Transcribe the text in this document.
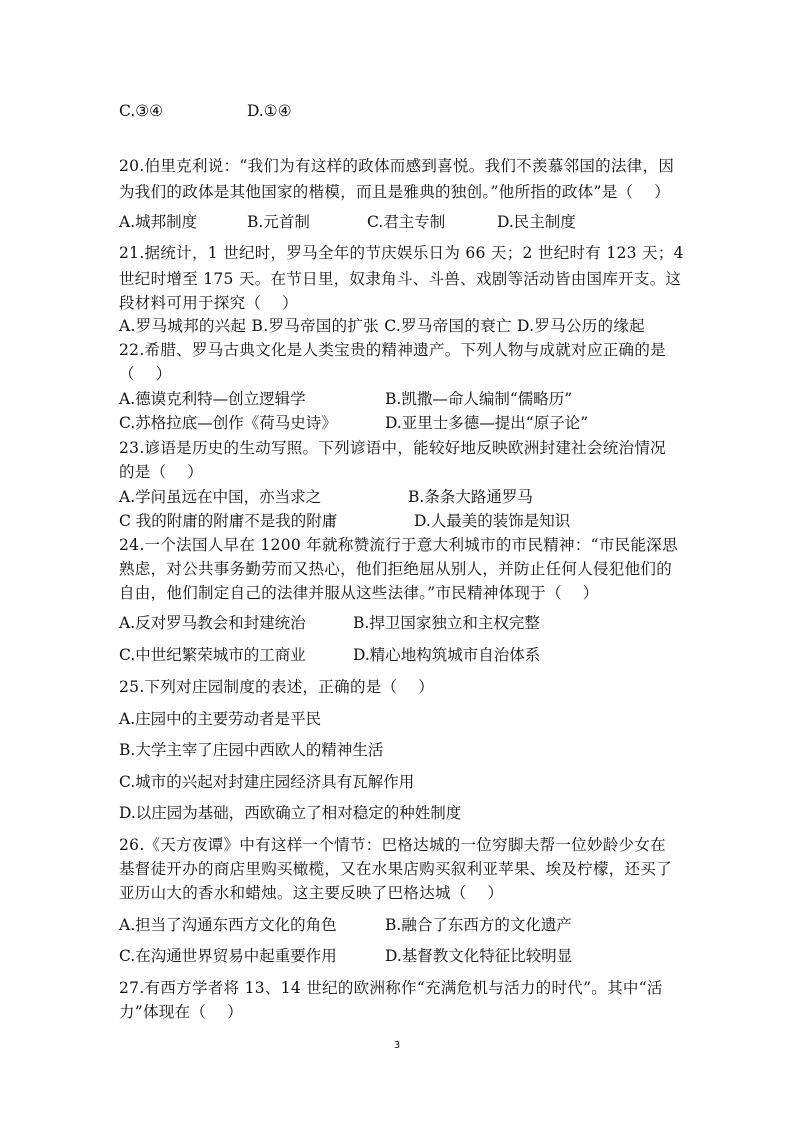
C.③④	D.①④
20.伯里克利说：“我们为有这样的政体而感到喜悦。我们不羡慕邻国的法律，因
为我们的政体是其他国家的楷模，而且是雅典的独创。”他所指的政体”是（    ）
A.城邦制度	B.元首制	C.君主专制	D.民主制度
21.据统计，1 世纪时，罗马全年的节庆娱乐日为 66 天；2 世纪时有 123 天；4
世纪时增至 175 天。在节日里，奴隶角斗、斗兽、戏剧等活动皆由国库开支。这
段材料可用于探究（    ）
A.罗马城邦的兴起 B.罗马帝国的扩张 C.罗马帝国的衰亡 D.罗马公历的缘起
22.希腊、罗马古典文化是人类宝贵的精神遗产。下列人物与成就对应正确的是
（    ）
A.德谟克利特—创立逻辑学	B.凯撒—命人编制“儒略历”
C.苏格拉底—创作《荷马史诗》	D.亚里士多德—提出“原子论”
23.谚语是历史的生动写照。下列谚语中，能较好地反映欧洲封建社会统治情况
的是（    ）
A.学问虽远在中国，亦当求之	B.条条大路通罗马
C 我的附庸的附庸不是我的附庸	D.人最美的装饰是知识
24.一个法国人早在 1200 年就称赞流行于意大利城市的市民精神：“市民能深思
熟虑，对公共事务勤劳而又热心，他们拒绝屈从别人，并防止任何人侵犯他们的
自由，他们制定自己的法律并服从这些法律。”市民精神体现于（    ）
A.反对罗马教会和封建统治	B.捍卫国家独立和主权完整
C.中世纪繁荣城市的工商业	D.精心地构筑城市自治体系
25.下列对庄园制度的表述，正确的是（    ）
A.庄园中的主要劳动者是平民
B.大学主宰了庄园中西欧人的精神生活
C.城市的兴起对封建庄园经济具有瓦解作用
D.以庄园为基础，西欧确立了相对稳定的种姓制度
26.《天方夜谭》中有这样一个情节：巴格达城的一位穷脚夫帮一位妙龄少女在
基督徒开办的商店里购买橄榄，又在水果店购买叙利亚苹果、埃及柠檬，还买了
亚历山大的香水和蜡烛。这主要反映了巴格达城（    ）
A.担当了沟通东西方文化的角色	B.融合了东西方的文化遗产
C.在沟通世界贸易中起重要作用	D.基督教文化特征比较明显
27.有西方学者将 13、14 世纪的欧洲称作“充满危机与活力的时代”。其中“活
力”体现在（    ）
3
